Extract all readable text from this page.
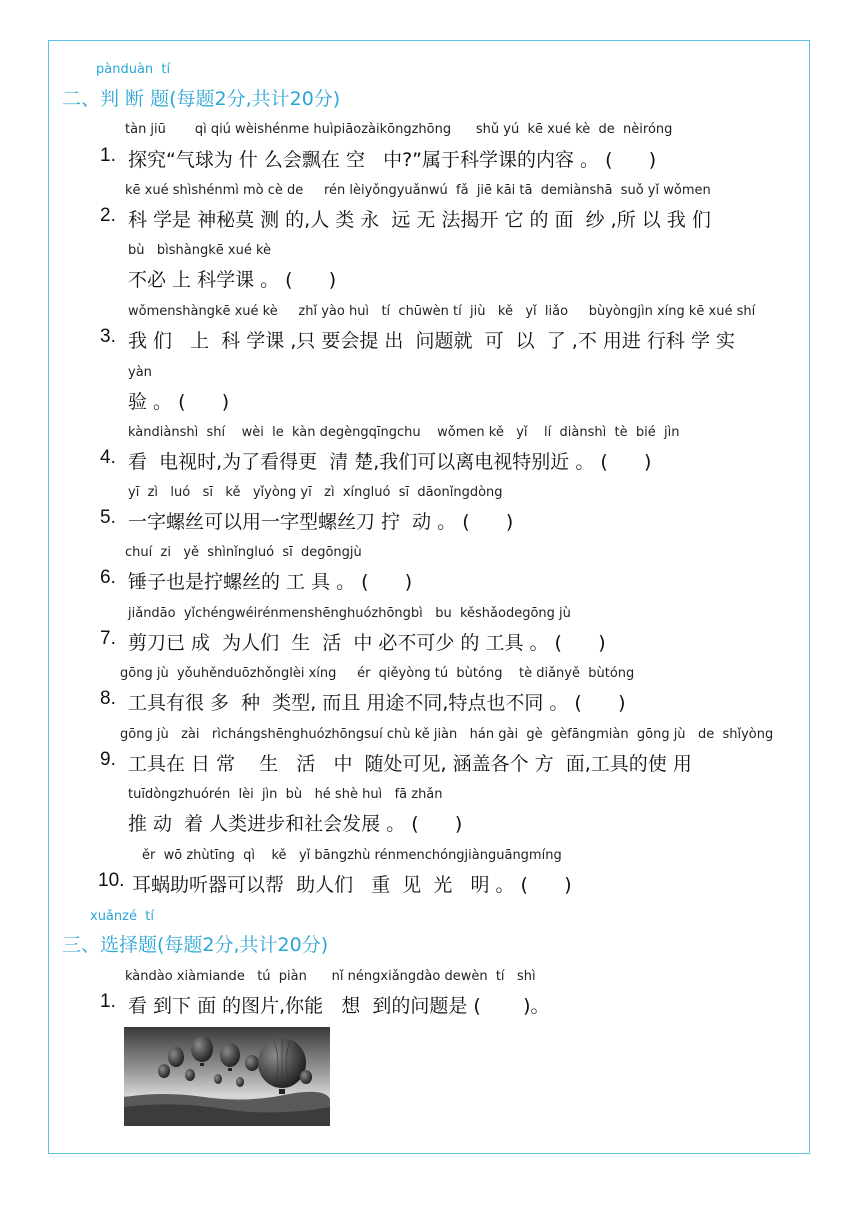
pànduàn  tí
二、判 断 题(每题2分,共计20分)
tàn jiū       qì qiú wèishénme huìpiāozàikōngzhōng      shǔ yú  kē xué kè  de  nèiróng
1. 探究“气球为 什 么会飘在 空   中?”属于科学课的内容 。 (      )
kē xué shìshénmì mò cè de     rén lèiyǒngyuǎnwú  fǎ  jiē kāi tā  demiànshā  suǒ yǐ wǒmen
2. 科 学是 神秘莫 测 的,人 类 永  远 无 法揭开 它 的 面  纱 ,所 以 我 们
bù   bìshàngkē xué kè
不必 上 科学课 。 (      )
wǒmenshàngkē xué kè     zhǐ yào huì   tí  chūwèn tí  jiù   kě   yǐ  liǎo     bùyòngjìn xíng kē xué shí
3. 我 们   上  科 学课 ,只 要会提 出  问题就  可  以  了 ,不 用进 行科 学 实
yàn
验 。 (      )
kàndiànshì  shí    wèi  le  kàn degèngqīngchu    wǒmen kě   yǐ    lí  diànshì  tè  bié  jìn
4. 看  电视时,为了看得更  清 楚,我们可以离电视特别近 。 (      )
yī  zì   luó   sī   kě   yǐyòng yī   zì  xíngluó  sī  dāonǐngdòng
5. 一字螺丝可以用一字型螺丝刀 拧  动 。 (      )
chuí  zi   yě  shìnǐngluó  sī  degōngjù
6. 锤子也是拧螺丝的 工 具 。 (      )
jiǎndāo  yǐchéngwéirénmenshēnghuózhōngbì   bu  kěshǎodegōng jù
7. 剪刀已 成  为人们  生  活  中 必不可少 的 工具 。 (      )
gōng jù  yǒuhěnduōzhǒnglèi xíng     ér  qiěyòng tú  bùtóng    tè diǎnyě  bùtóng
8. 工具有很 多  种  类型, 而且 用途不同,特点也不同 。 (      )
gōng jù   zài   rìchángshēnghuózhōngsuí chù kě jiàn   hán gài  gè  gèfāngmiàn  gōng jù   de  shǐyòng
9. 工具在 日 常    生   活   中  随处可见, 涵盖各个 方  面,工具的使 用
tuīdòngzhuórén  lèi  jìn  bù   hé shè huì   fā zhǎn
推 动  着 人类进步和社会发展 。 (      )
ěr  wō zhùtīng  qì    kě   yǐ bāngzhù rénmenchóngjiànguāngmíng
10. 耳蜗助听器可以帮  助人们   重  见  光   明 。 (      )
xuǎnzé  tí
三、选择题(每题2分,共计20分)
kàndào xiàmiande   tú  piàn      nǐ néngxiǎngdào dewèn  tí   shì
1. 看 到下 面 的图片,你能   想  到的问题是 (       )。
